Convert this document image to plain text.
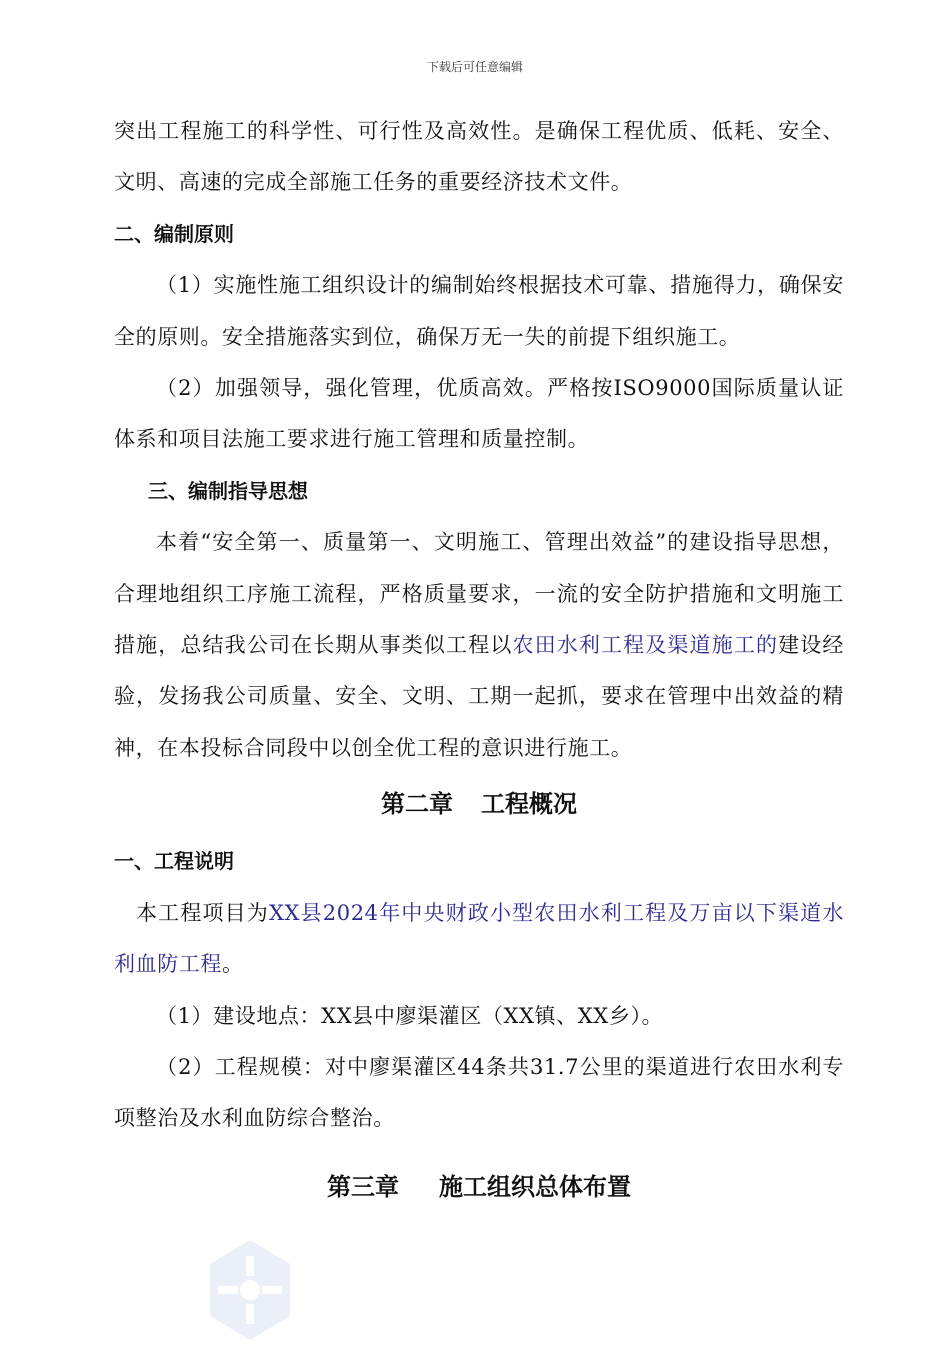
下载后可任意编辑

突出工程施工的科学性、可行性及高效性。是确保工程优质、低耗、安全、文明、高速的完成全部施工任务的重要经济技术文件。

二、编制原则

（1）实施性施工组织设计的编制始终根据技术可靠、措施得力，确保安全的原则。安全措施落实到位，确保万无一失的前提下组织施工。

（2）加强领导，强化管理，优质高效。严格按ISO9000国际质量认证体系和项目法施工要求进行施工管理和质量控制。

三、编制指导思想

本着“安全第一、质量第一、文明施工、管理出效益”的建设指导思想，合理地组织工序施工流程，严格质量要求，一流的安全防护措施和文明施工措施，总结我公司在长期从事类似工程以农田水利工程及渠道施工的建设经验，发扬我公司质量、安全、文明、工期一起抓，要求在管理中出效益的精神，在本投标合同段中以创全优工程的意识进行施工。

第二章 工程概况
一、工程说明

本工程项目为XX县2024年中央财政小型农田水利工程及万亩以下渠道水利血防工程。

（1）建设地点：XX县中廖渠灌区（XX镇、XX乡）。

（2）工程规模：对中廖渠灌区44条共31.7公里的渠道进行农田水利专项整治及水利血防综合整治。

第三章 施工组织总体布置
